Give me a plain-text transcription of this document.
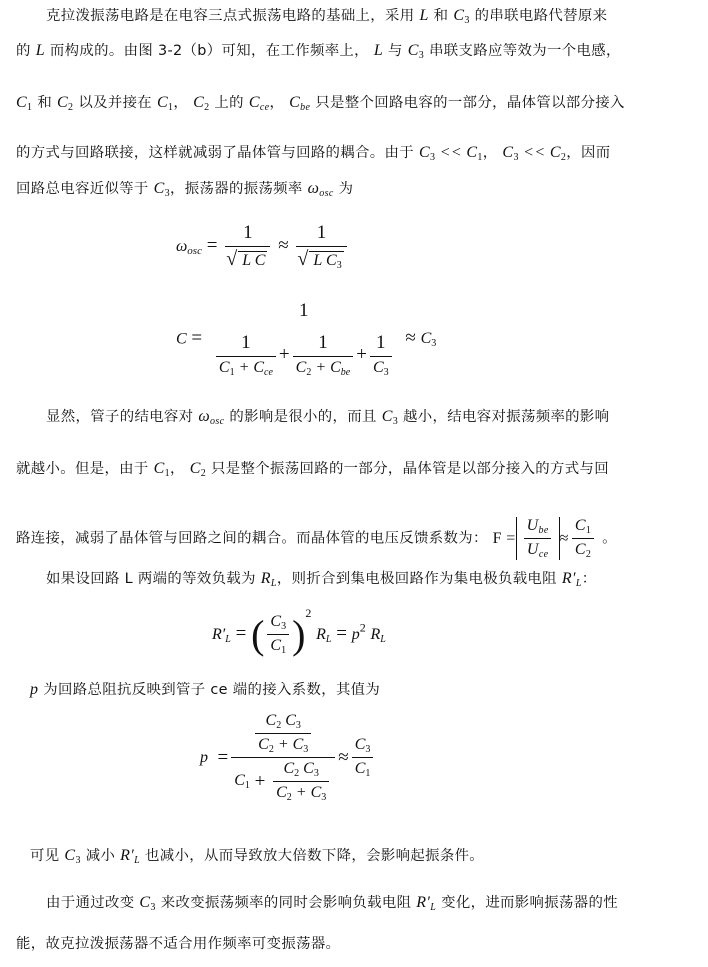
克拉泼振荡电路是在电容三点式振荡电路的基础上，采用 L 和 $C_3$ 的串联电路代替原来
的 L 而构成的。由图 3-2（b）可知，在工作频率上， L 与 $C_3$ 串联支路应等效为一个电感，
$C_1$ 和 $C_2$ 以及并接在 $C_1$， $C_2$ 上的 $C_{ce}$， $C_{be}$ 只是整个回路电容的一部分，晶体管以部分接入
的方式与回路联接，这样就减弱了晶体管与回路的耦合。由于 $C_3 << C_1$， $C_3 << C_2$，因而
回路总电容近似等于 $C_3$，振荡器的振荡频率 $\omega_{osc}$ 为
$\omega_{osc} = 1$
√ L C ≈ 1
√ L $C_3$
C =
1
$\frac{1}{C_1 + C_{ce}} + \frac{1}{C_2 + C_{be}} + \frac{1}{C_3} \approx C_3$
显然，管子的结电容对 $\omega_{osc}$ 的影响是很小的，而且 $C_3$ 越小，结电容对振荡频率的影响
就越小。但是，由于 $C_1$， $C_2$ 只是整个振荡回路的一部分，晶体管是以部分接入的方式与回
路连接，减弱了晶体管与回路之间的耦合。而晶体管的电压反馈系数为： F
= $\frac{U_{be}}{U_{ce}} \approx \frac{C_1}{C_2}$ 。
如果设回路 L 两端的等效负载为 $R_L$，则折合到集电极回路作为集电极负载电阻 $R'_L$：
$R'_L$ = ( $\frac{C_3}{C_1} )^2$ $R_L = p^2$ $R_L$
p 为回路总阻抗反映到管子 ce 端的接入系数，其值为
p
= $\frac{\frac{C_2 C_3}{C_2 + C_3}}{C_1 + \frac{C_2 C_3}{C_2 + C_3}} \approx \frac{C_3}{C_1}$
可见 $C_3$ 减小 $R'_L$ 也减小，从而导致放大倍数下降，会影响起振条件。
由于通过改变 $C_3$ 来改变振荡频率的同时会影响负载电阻 $R'_L$ 变化，进而影响振荡器的性
能，故克拉泼振荡器不适合用作频率可变振荡器。
